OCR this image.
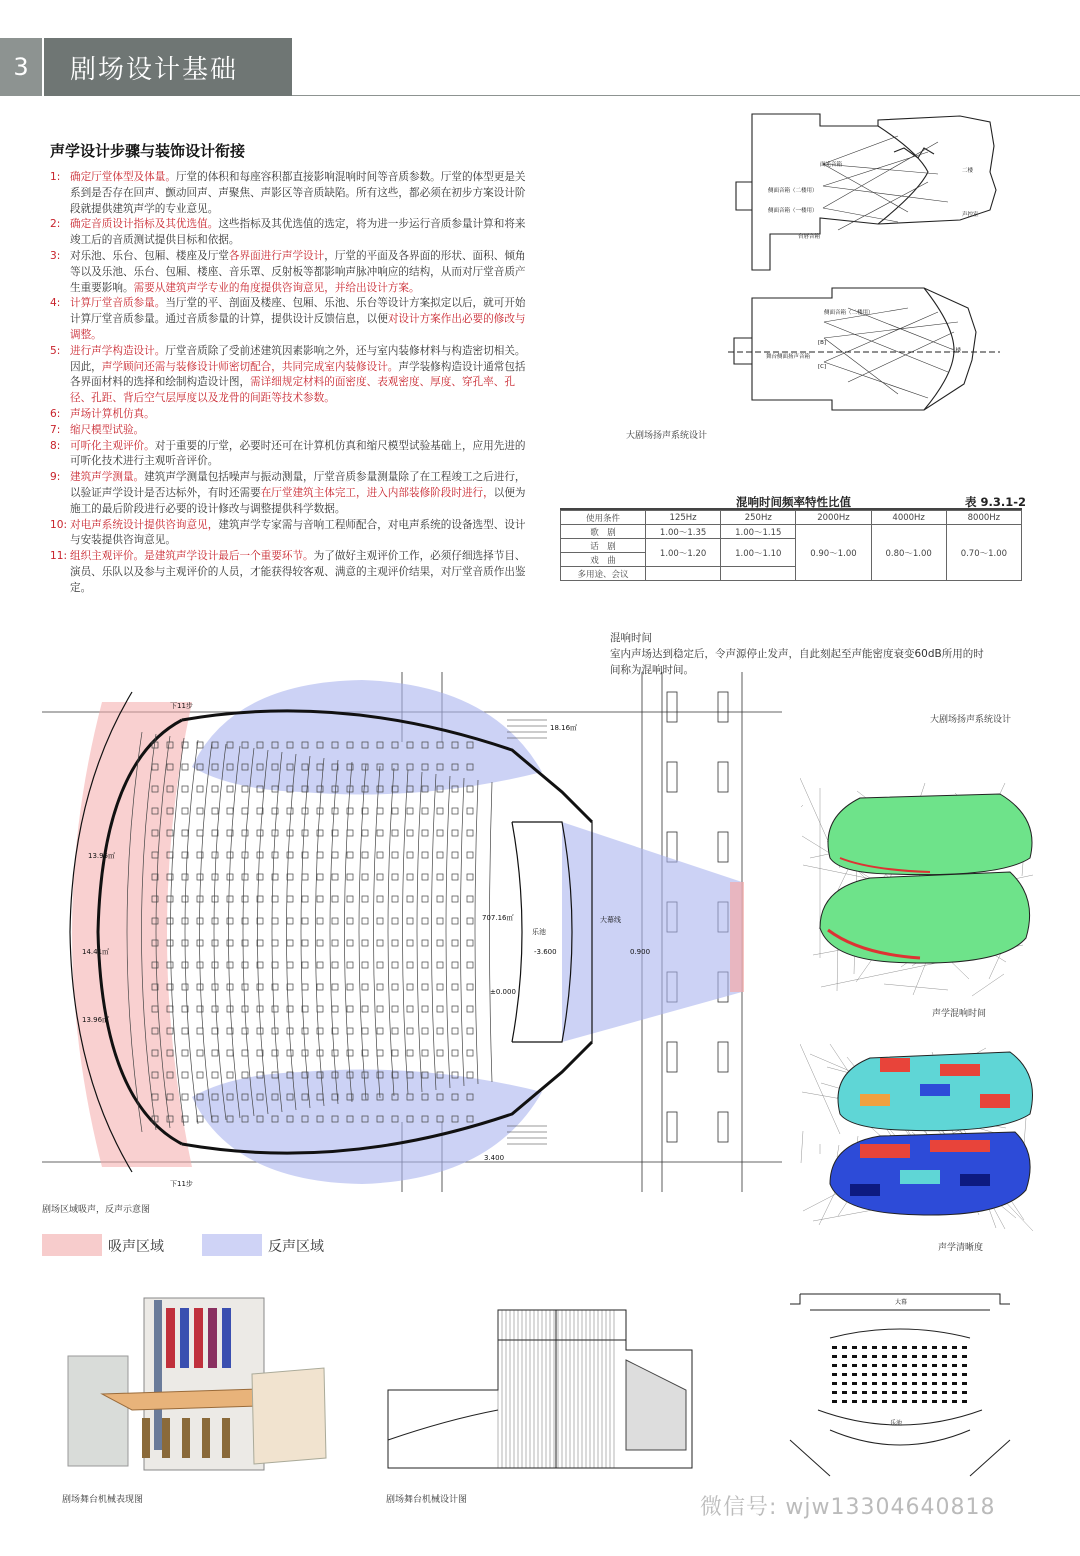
3	剧场设计基础
声学设计步骤与装饰设计衔接
1: 确定厅堂体型及体量。厅堂的体积和每座容积都直接影响混响时间等音质参数。厅堂的体型更是关系到是否存在回声、颤动回声、声聚焦、声影区等音质缺陷。所有这些，都必须在初步方案设计阶段就提供建筑声学的专业意见。
2: 确定音质设计指标及其优选值。这些指标及其优选值的选定，将为进一步运行音质参量计算和将来竣工后的音质测试提供目标和依据。
3: 对乐池、乐台、包厢、楼座及厅堂各界面进行声学设计，厅堂的平面及各界面的形状、面积、倾角等以及乐池、乐台、包厢、楼座、音乐罩、反射板等都影响声脉冲响应的结构，从而对厅堂音质产生重要影响。需要从建筑声学专业的角度提供咨询意见，并给出设计方案。
4: 计算厅堂音质参量。当厅堂的平、剖面及楼座、包厢、乐池、乐台等设计方案拟定以后，就可开始计算厅堂音质参量。通过音质参量的计算，提供设计反馈信息，以便对设计方案作出必要的修改与调整。
5: 进行声学构造设计。厅堂音质除了受前述建筑因素影响之外，还与室内装修材料与构造密切相关。因此，声学顾问还需与装修设计师密切配合，共同完成室内装修设计。声学装修构造设计通常包括各界面材料的选择和绘制构造设计图，需详细规定材料的面密度、表观密度、厚度、穿孔率、孔径、孔距、背后空气层厚度以及龙骨的间距等技术参数。
6: 声场计算机仿真。
7: 缩尺模型试验。
8: 可听化主观评价。对于重要的厅堂，必要时还可在计算机仿真和缩尺模型试验基础上，应用先进的可听化技术进行主观听音评价。
9: 建筑声学测量。建筑声学测量包括噪声与振动测量，厅堂音质参量测量除了在工程竣工之后进行，以验证声学设计是否达标外，有时还需要在厅堂建筑主体完工，进入内部装修阶段时进行，以便为施工的最后阶段进行必要的设计修改与调整提供科学数据。
10: 对电声系统设计提供咨询意见，建筑声学专家需与音响工程师配合，对电声系统的设备选型、设计与安装提供咨询意见。
11: 组织主观评价。是建筑声学设计最后一个重要环节。为了做好主观评价工作，必须仔细选择节目、演员、乐队以及参与主观评价的人员，才能获得较客观、满意的主观评价结果，对厅堂音质作出鉴定。
面光音箱
侧面音箱（二楼用）
侧面音箱（一楼用）
台唇音箱
二楼
声控室
侧面音箱（二楼用）
舞台侧面扬声音箱
[B]
[C]
二楼
大剧场扬声系统设计
混响时间频率特性比值	表 9.3.1-2
使用条件	125Hz	250Hz	2000Hz	4000Hz	8000Hz
歌　剧	1.00～1.35	1.00～1.15	0.90～1.00	0.80～1.00	0.70～1.00
话　剧	1.00～1.20	1.00～1.10			
戏　曲					
多用途、会议					
混响时间
室内声场达到稳定后，令声源停止发声，自此刻起至声能密度衰变60dB所用的时间称为混响时间。
乐池
大幕线
-3.600	0.900
±0.000
707.16㎡
下11步
下11步
13.95㎡
13.96㎡
14.41㎡
3.400
18.16㎡
剧场区域吸声，反声示意图
吸声区域	反声区域
大剧场扬声系统设计
声学混响时间
声学清晰度
剧场舞台机械表现图	剧场舞台机械设计图
大幕
乐池
微信号: wjw13304640818
